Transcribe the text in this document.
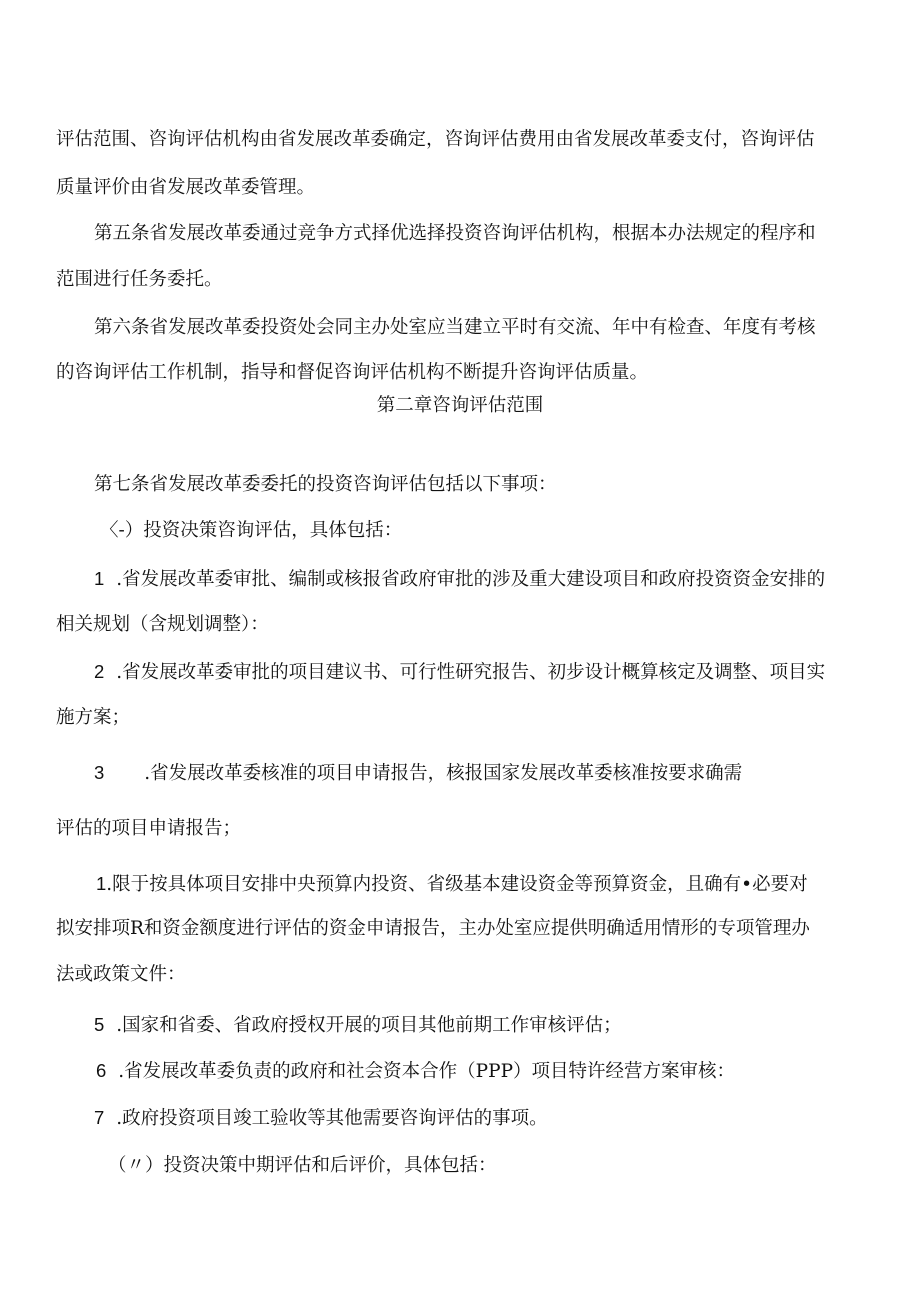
评估范围、咨询评估机构由省发展改革委确定，咨询评估费用由省发展改革委支付，咨询评估
质量评价由省发展改革委管理。
第五条省发展改革委通过竞争方式择优选择投资咨询评估机构，根据本办法规定的程序和
范围进行任务委托。
第六条省发展改革委投资处会同主办处室应当建立平时有交流、年中有检查、年度有考核
的咨询评估工作机制，指导和督促咨询评估机构不断提升咨询评估质量。
第二章咨询评估范围
第七条省发展改革委委托的投资咨询评估包括以下事项：
〈-）投资决策咨询评估，具体包括：
1 .省发展改革委审批、编制或核报省政府审批的涉及重大建设项目和政府投资资金安排的
相关规划（含规划调整）：
2 .省发展改革委审批的项目建议书、可行性研究报告、初步设计概算核定及调整、项目实
施方案；
3 .省发展改革委核准的项目申请报告，核报国家发展改革委核准按要求确需
评估的项目申请报告；
1.限于按具体项目安排中央预算内投资、省级基本建设资金等预算资金，且确有•必要对
拟安排项R和资金额度进行评估的资金申请报告，主办处室应提供明确适用情形的专项管理办
法或政策文件：
5 .国家和省委、省政府授权开展的项目其他前期工作审核评估；
6 .省发展改革委负责的政府和社会资本合作（PPP）项目特许经营方案审核：
7 .政府投资项目竣工验收等其他需要咨询评估的事项。
（〃）投资决策中期评估和后评价，具体包括：
